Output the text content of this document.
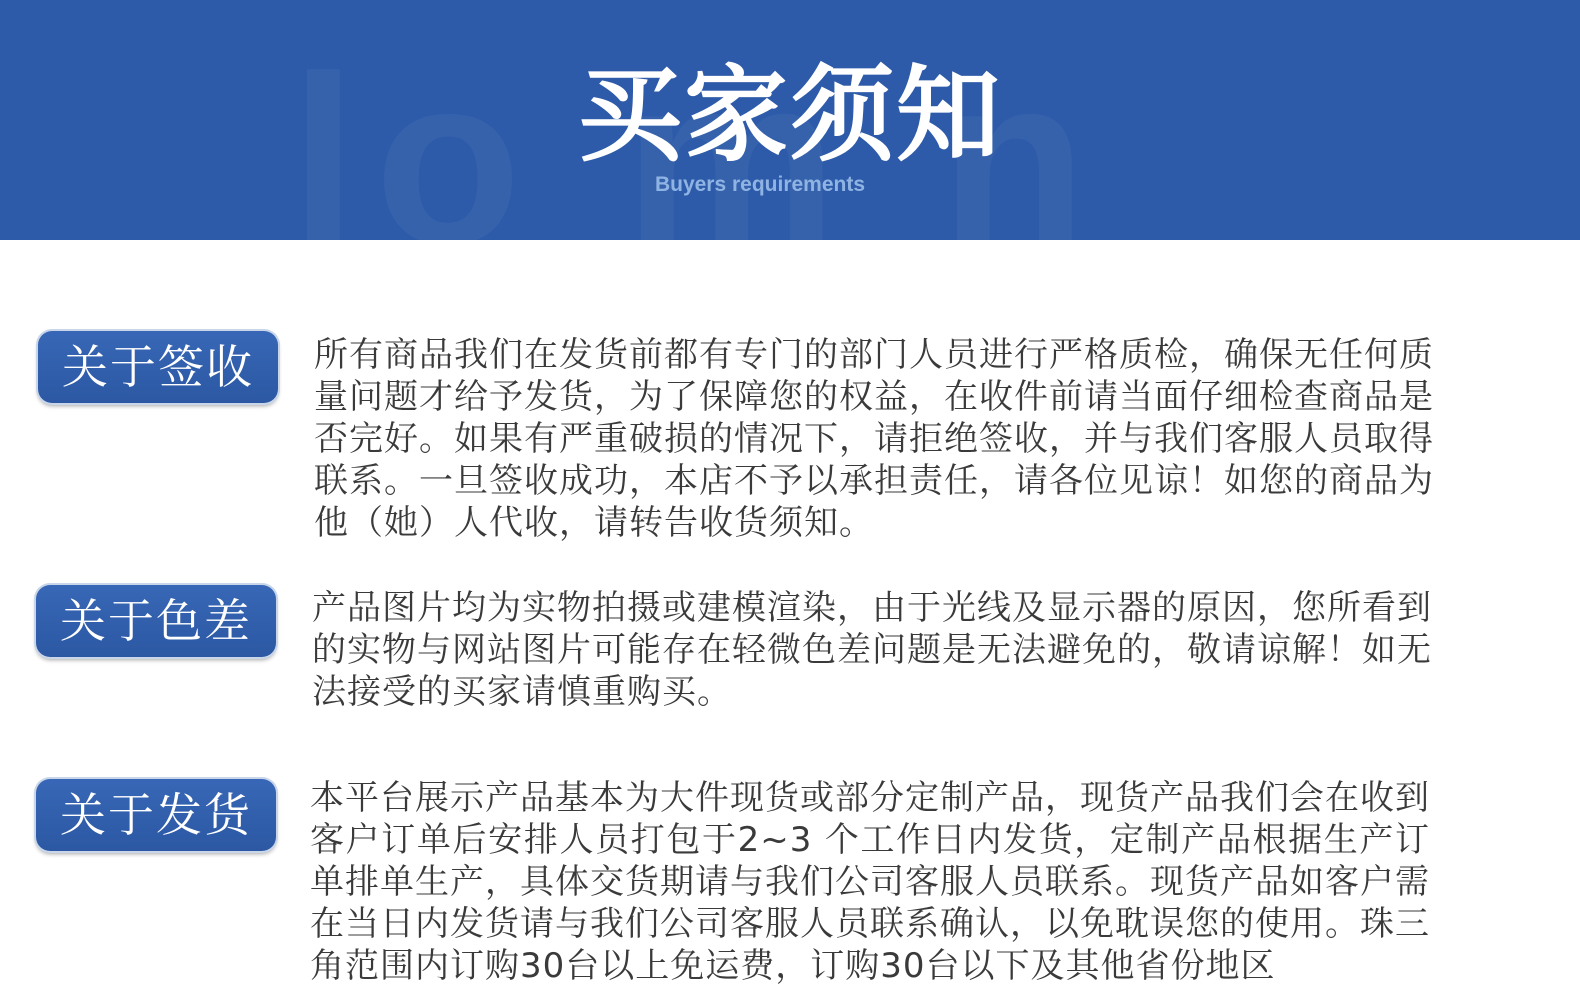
买家须知
Buyers requirements
关于签收	所有商品我们在发货前都有专门的部门人员进行严格质检，确保无任何质量问题才给予发货，为了保障您的权益，在收件前请当面仔细检查商品是否完好。如果有严重破损的情况下，请拒绝签收，并与我们客服人员取得联系。一旦签收成功，本店不予以承担责任，请各位见谅！如您的商品为他（她）人代收，请转告收货须知。
关于色差	产品图片均为实物拍摄或建模渲染，由于光线及显示器的原因，您所看到的实物与网站图片可能存在轻微色差问题是无法避免的，敬请谅解！如无法接受的买家请慎重购买。
关于发货	本平台展示产品基本为大件现货或部分定制产品，现货产品我们会在收到客户订单后安排人员打包于2~3 个工作日内发货，定制产品根据生产订单排单生产，具体交货期请与我们公司客服人员联系。现货产品如客户需在当日内发货请与我们公司客服人员联系确认，以免耽误您的使用。珠三角范围内订购30台以上免运费，订购30台以下及其他省份地区
